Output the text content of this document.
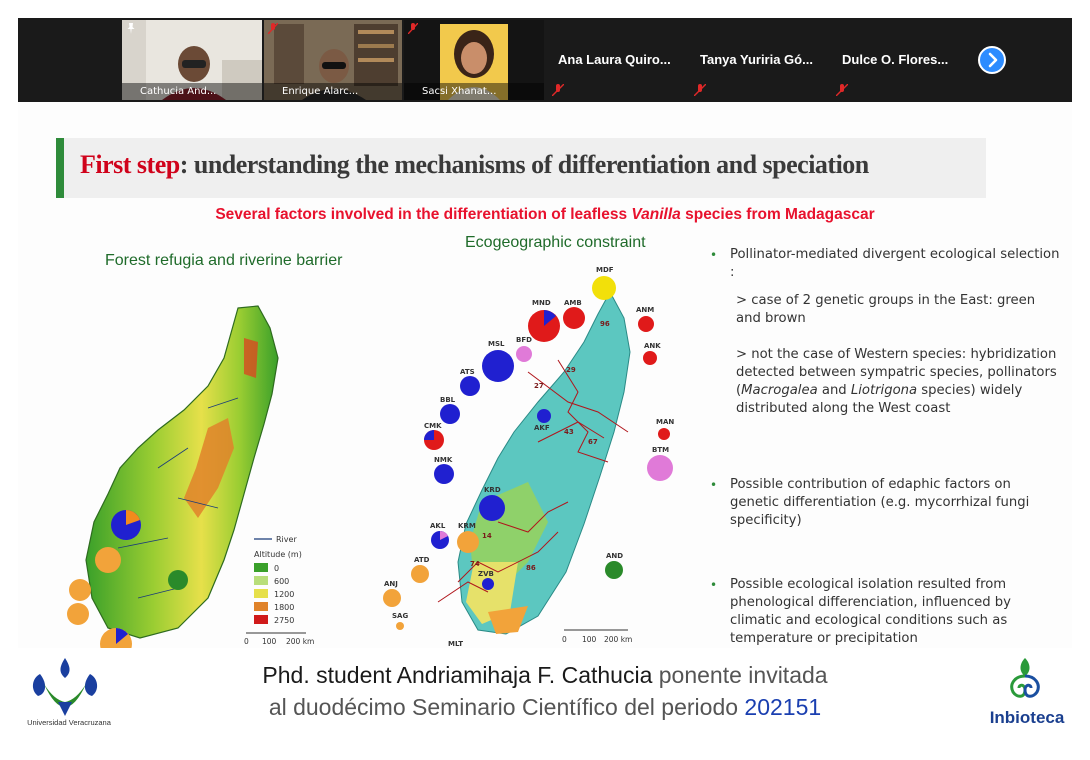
Cathucia And...	Enrique Alarc...	Sacsi Xhanat...
Ana Laura Quiro... Tanya Yuriria Gó... Dulce O. Flores...
First step: understanding the mechanisms of differentiation and speciation
Several factors involved in the differentiation of leafless Vanilla species from Madagascar
Forest refugia and riverine barrier
Ecogeographic constraint
River
Altitude (m)
0
600
1200
1800
2750
0 100 200 km
MDF
MND AMB
ANM
ANK
MSL BFD
ATS
BBL
CMK
NMK
AKF
MAN
BTM
KRD
AKL KRM
ATD
ANJ
SAG
ZVB
AND
MLT
29
27
43
67
74	86
96
14
0 100 200 km
• Pollinator-mediated divergent ecological selection :
> case of 2 genetic groups in the East: green and brown
> not the case of Western species: hybridization detected between sympatric species, pollinators (Macrogalea and Liotrigona species) widely distributed along the West coast
• Possible contribution of edaphic factors on genetic differentiation (e.g. mycorrhizal fungi specificity)
• Possible ecological isolation resulted from phenological differenciation, influenced by climatic and ecological conditions such as temperature or precipitation
Universidad Veracruzana
Phd. student Andriamihaja F. Cathucia ponente invitada
al duodécimo Seminario Científico del periodo 202151	Inbioteca
